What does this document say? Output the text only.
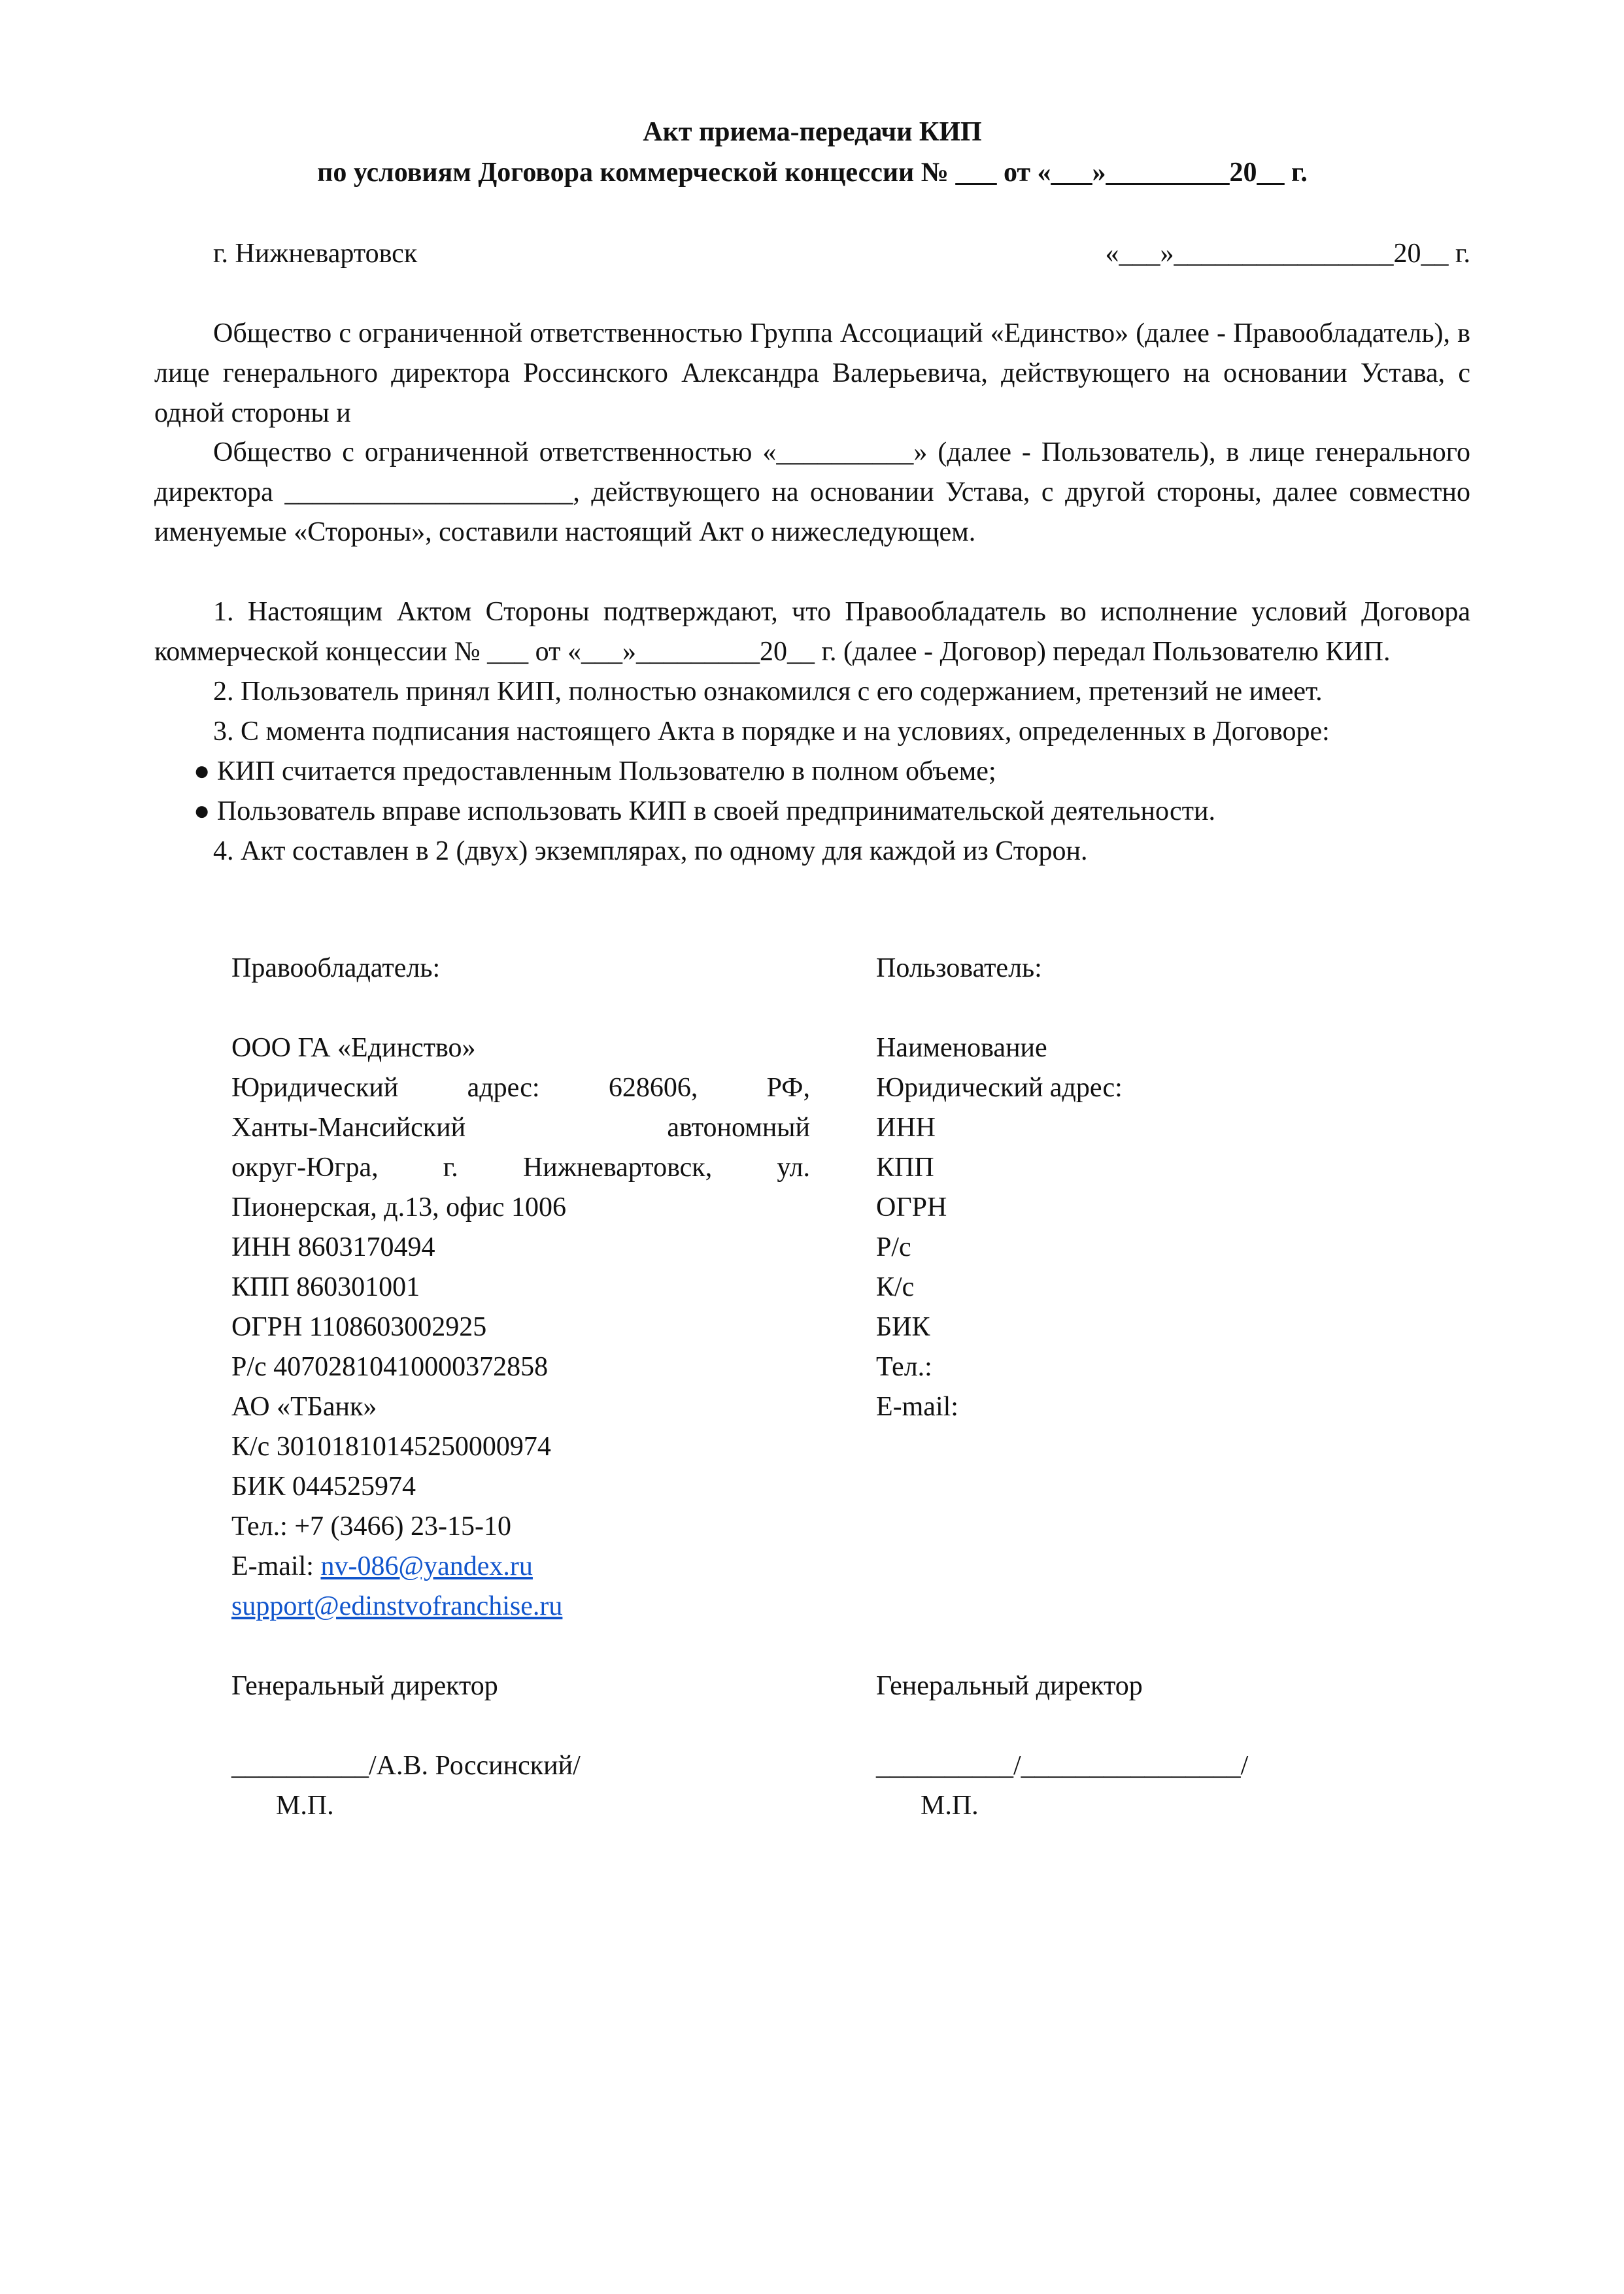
Акт приема-передачи КИП

по условиям Договора коммерческой концессии № ___ от «___»_________20__ г.

г. Нижневартовск	«___»________________20__ г.

Общество с ограниченной ответственностью Группа Ассоциаций «Единство» (далее - Правообладатель), в лице генерального директора Россинского Александра Валерьевича, действующего на основании Устава, с одной стороны и

Общество с ограниченной ответственностью «__________» (далее - Пользователь), в лице генерального директора _____________________, действующего на основании Устава, с другой стороны, далее совместно именуемые «Стороны», составили настоящий Акт о нижеследующем.

1. Настоящим Актом Стороны подтверждают, что Правообладатель во исполнение условий Договора коммерческой концессии № ___ от «___»_________20__ г. (далее - Договор) передал Пользователю КИП.

2. Пользователь принял КИП, полностью ознакомился с его содержанием, претензий не имеет.

3. С момента подписания настоящего Акта в порядке и на условиях, определенных в Договоре:

● КИП считается предоставленным Пользователю в полном объеме;

● Пользователь вправе использовать КИП в своей предпринимательской деятельности.

4. Акт составлен в 2 (двух) экземплярах, по одному для каждой из Сторон.

Правообладатель:

ООО ГА «Единство»

Юридический адрес: 628606, РФ,

Ханты-Мансийский автономный

округ-Югра, г. Нижневартовск, ул.

Пионерская, д.13, офис 1006

ИНН 8603170494

КПП 860301001

ОГРН 1108603002925

Р/с 40702810410000372858

АО «ТБанк»

К/с 30101810145250000974

БИК 044525974

Тел.: +7 (3466) 23-15-10

E-mail: nv-086@yandex.ru

support@edinstvofranchise.ru

Генеральный директор

__________/А.В. Россинский/

М.П.

Пользователь:

Наименование

Юридический адрес:

ИНН

КПП

ОГРН

Р/с

К/с

БИК

Тел.:

E-mail:

Генеральный директор

__________/________________/

М.П.
